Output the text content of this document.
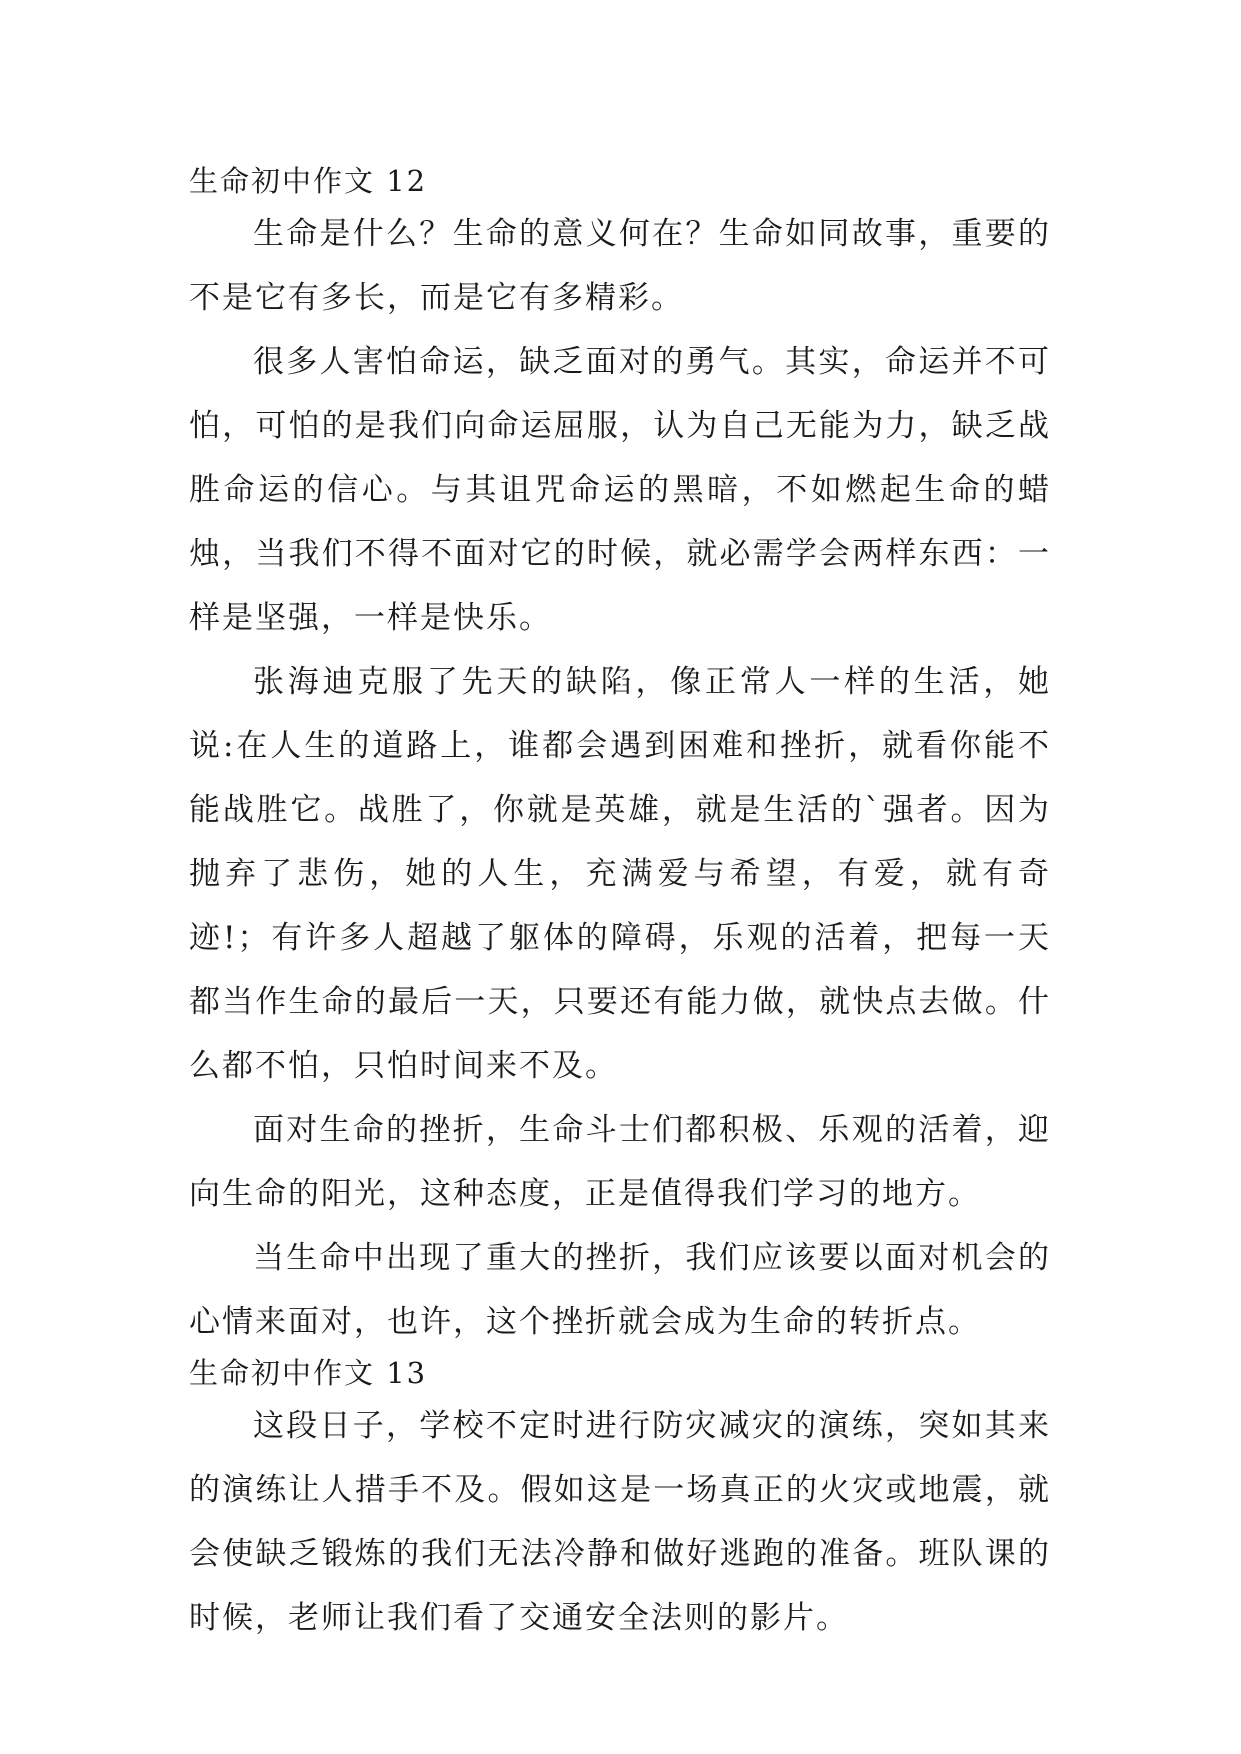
生命初中作文 12

生命是什么？生命的意义何在？生命如同故事，重要的不是它有多长，而是它有多精彩。

很多人害怕命运，缺乏面对的勇气。其实，命运并不可怕，可怕的是我们向命运屈服，认为自己无能为力，缺乏战胜命运的信心。与其诅咒命运的黑暗，不如燃起生命的蜡烛，当我们不得不面对它的时候，就必需学会两样东西：一样是坚强，一样是快乐。

张海迪克服了先天的缺陷，像正常人一样的生活，她说:在人生的道路上，谁都会遇到困难和挫折，就看你能不能战胜它。战胜了，你就是英雄，就是生活的`强者。因为抛弃了悲伤，她的人生，充满爱与希望，有爱，就有奇迹!；有许多人超越了躯体的障碍，乐观的活着，把每一天都当作生命的最后一天，只要还有能力做，就快点去做。什么都不怕，只怕时间来不及。

面对生命的挫折，生命斗士们都积极、乐观的活着，迎向生命的阳光，这种态度，正是值得我们学习的地方。

当生命中出现了重大的挫折，我们应该要以面对机会的心情来面对，也许，这个挫折就会成为生命的转折点。

生命初中作文 13

这段日子，学校不定时进行防灾减灾的演练，突如其来的演练让人措手不及。假如这是一场真正的火灾或地震，就会使缺乏锻炼的我们无法冷静和做好逃跑的准备。班队课的时候，老师让我们看了交通安全法则的影片。
